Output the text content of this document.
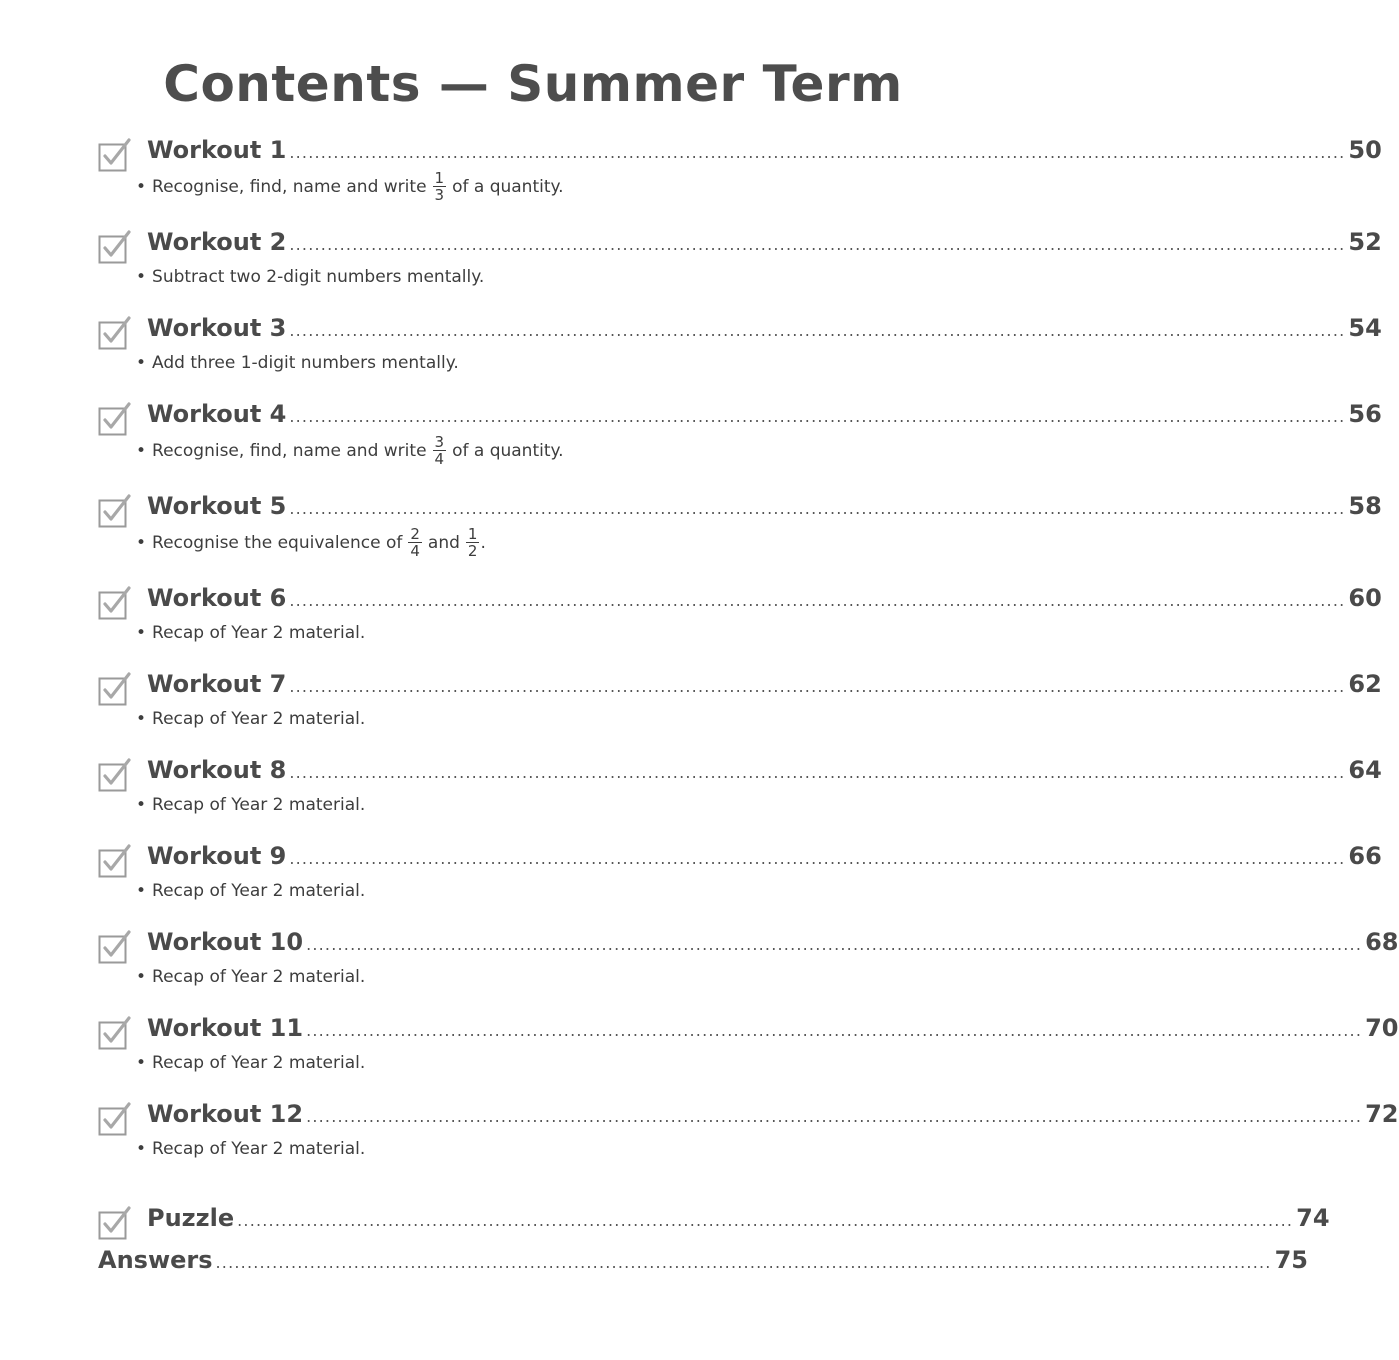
Contents — Summer Term
Workout 1 ........................................................................................................................................................................ 50
• Recognise, find, name and write $\frac{1}{3}$ of a quantity.
Workout 2 ........................................................................................................................................................................ 52
• Subtract two 2-digit numbers mentally.
Workout 3 ........................................................................................................................................................................ 54
• Add three 1-digit numbers mentally.
Workout 4 ........................................................................................................................................................................ 56
• Recognise, find, name and write $\frac{3}{4}$ of a quantity.
Workout 5 ........................................................................................................................................................................ 58
• Recognise the equivalence of $\frac{2}{4}$ and $\frac{1}{2}$ .
Workout 6 ........................................................................................................................................................................ 60
• Recap of Year 2 material.
Workout 7 ........................................................................................................................................................................ 62
• Recap of Year 2 material.
Workout 8 ........................................................................................................................................................................ 64
• Recap of Year 2 material.
Workout 9 ........................................................................................................................................................................ 66
• Recap of Year 2 material.
Workout 10 ........................................................................................................................................................................ 68
• Recap of Year 2 material.
Workout 11 ........................................................................................................................................................................ 70
• Recap of Year 2 material.
Workout 12 ........................................................................................................................................................................ 72
• Recap of Year 2 material.
Puzzle ........................................................................................................................................................................ 74
Answers ........................................................................................................................................................................ 75
